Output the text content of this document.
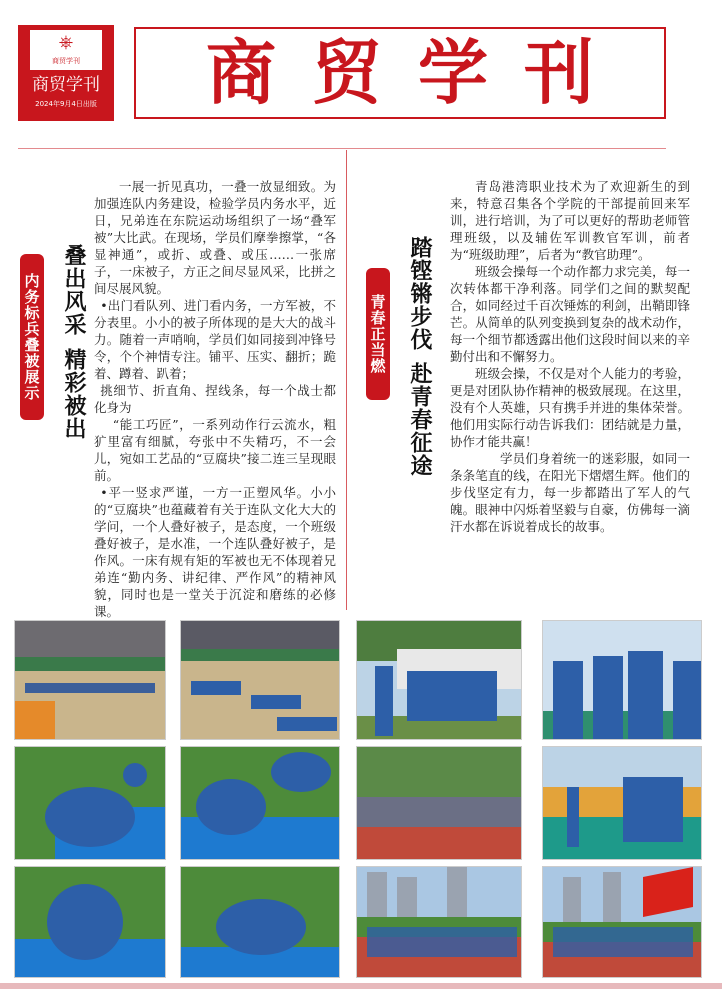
⎈
商贸学刊
商贸学刊
2024年9月4日出版	商贸学刊
内务标兵叠被展示 叠出风采
精彩被出

一展一折见真功，一叠一放显细致。为加强连队内务建设，检验学员内务水平，近日，兄弟连在东院运动场组织了一场“叠军被”大比武。在现场，学员们摩拳擦掌，“各显神通”，或折、或叠、或压……一张席子，一床被子，方正之间尽显风采，比拼之间尽展风貌。

•出门看队列、进门看内务，一方军被，不分表里。小小的被子所体现的是大大的战斗力。随着一声哨响，学员们如同接到冲锋号令，个个神情专注。铺平、压实、翻折；跪着、蹲着、趴着；

挑细节、折直角、捏线条，每一个战士都化身为

“能工巧匠”，一系列动作行云流水，粗犷里富有细腻，夸张中不失精巧，不一会儿，宛如工艺品的“豆腐块”接二连三呈现眼前。

•平一竖求严谨，一方一正塑风华。小小的“豆腐块”也蕴藏着有关于连队文化大大的学问，一个人叠好被子，是态度，一个班级叠好被子，是水准，一个连队叠好被子，是作风。一床有规有矩的军被也无不体现着兄弟连“勤内务、讲纪律、严作风”的精神风貌，同时也是一堂关于沉淀和磨练的必修课。

青春正当燃 踏铿锵步伐
赴青春征途

青岛港湾职业技术为了欢迎新生的到来，特意召集各个学院的干部提前回来军训，进行培训，为了可以更好的帮助老师管理班级，以及辅佐军训教官军训，前者为“班级助理”，后者为“教官助理”。

班级会操每一个动作都力求完美，每一次转体都干净利落。同学们之间的默契配合，如同经过千百次锤炼的利剑，出鞘即锋芒。从简单的队列变换到复杂的战术动作，每一个细节都透露出他们这段时间以来的辛勤付出和不懈努力。

班级会操，不仅是对个人能力的考验，更是对团队协作精神的极致展现。在这里，没有个人英雄，只有携手并进的集体荣誉。他们用实际行动告诉我们：团结就是力量，协作才能共赢！

学员们身着统一的迷彩服，如同一条条笔直的线，在阳光下熠熠生辉。他们的步伐坚定有力，每一步都踏出了军人的气魄。眼神中闪烁着坚毅与自豪，仿佛每一滴汗水都在诉说着成长的故事。
